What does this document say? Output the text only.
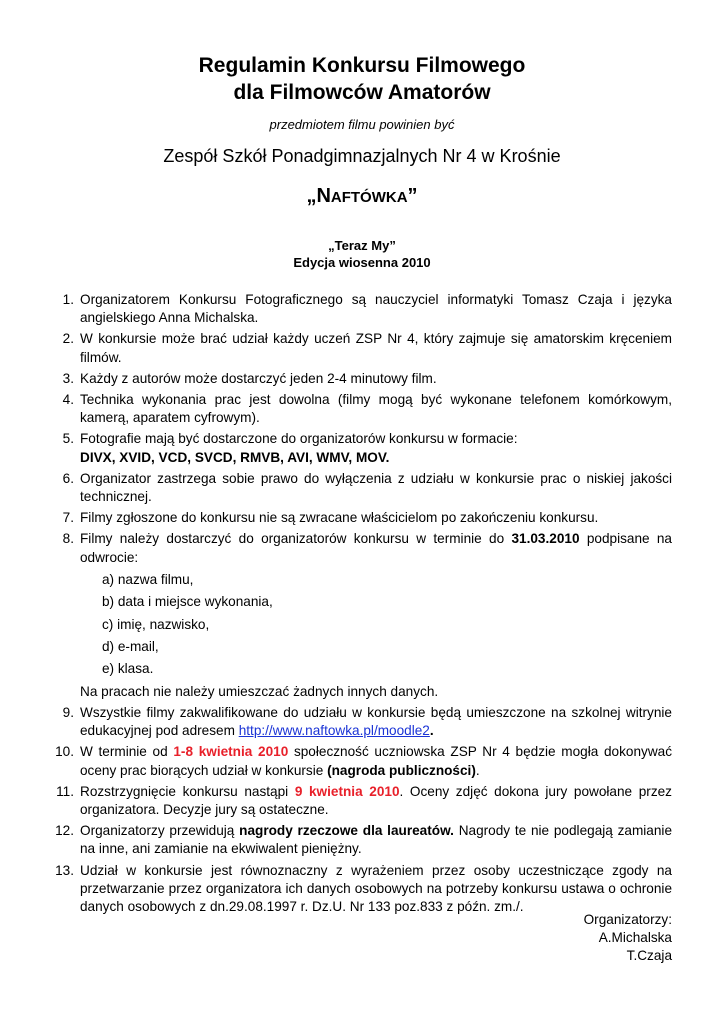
Regulamin Konkursu Filmowego
dla Filmowców Amatorów
przedmiotem filmu powinien być
Zespół Szkół Ponadgimnazjalnych Nr 4 w Krośnie
„NAFTÓWKA”
„Teraz My”
Edycja wiosenna 2010
1. Organizatorem Konkursu Fotograficznego są nauczyciel informatyki Tomasz Czaja i języka angielskiego Anna Michalska.
2. W konkursie może brać udział każdy uczeń ZSP Nr 4, który zajmuje się amatorskim kręceniem filmów.
3. Każdy z autorów może dostarczyć jeden 2-4 minutowy film.
4. Technika wykonania prac jest dowolna (filmy mogą być wykonane telefonem komórkowym, kamerą, aparatem cyfrowym).
5. Fotografie mają być dostarczone do organizatorów konkursu w formacie:
DIVX, XVID, VCD, SVCD, RMVB, AVI, WMV, MOV.
6. Organizator zastrzega sobie prawo do wyłączenia z udziału w konkursie prac o niskiej jakości technicznej.
7. Filmy zgłoszone do konkursu nie są zwracane właścicielom po zakończeniu konkursu.
8. Filmy należy dostarczyć do organizatorów konkursu w terminie do 31.03.2010 podpisane na odwrocie:
a) nazwa filmu,
b) data i miejsce wykonania,
c) imię, nazwisko,
d) e-mail,
e) klasa.
Na pracach nie należy umieszczać żadnych innych danych.
9. Wszystkie filmy zakwalifikowane do udziału w konkursie będą umieszczone na szkolnej witrynie edukacyjnej pod adresem http://www.naftowka.pl/moodle2.
10. W terminie od 1-8 kwietnia 2010 społeczność uczniowska ZSP Nr 4 będzie mogła dokonywać oceny prac biorących udział w konkursie (nagroda publiczności).
11. Rozstrzygnięcie konkursu nastąpi 9 kwietnia 2010. Oceny zdjęć dokona jury powołane przez organizatora. Decyzje jury są ostateczne.
12. Organizatorzy przewidują nagrody rzeczowe dla laureatów. Nagrody te nie podlegają zamianie na inne, ani zamianie na ekwiwalent pieniężny.
13. Udział w konkursie jest równoznaczny z wyrażeniem przez osoby uczestniczące zgody na przetwarzanie przez organizatora ich danych osobowych na potrzeby konkursu ustawa o ochronie danych osobowych z dn.29.08.1997 r. Dz.U. Nr 133 poz.833 z późn. zm./.
Organizatorzy:
A.Michalska
T.Czaja
